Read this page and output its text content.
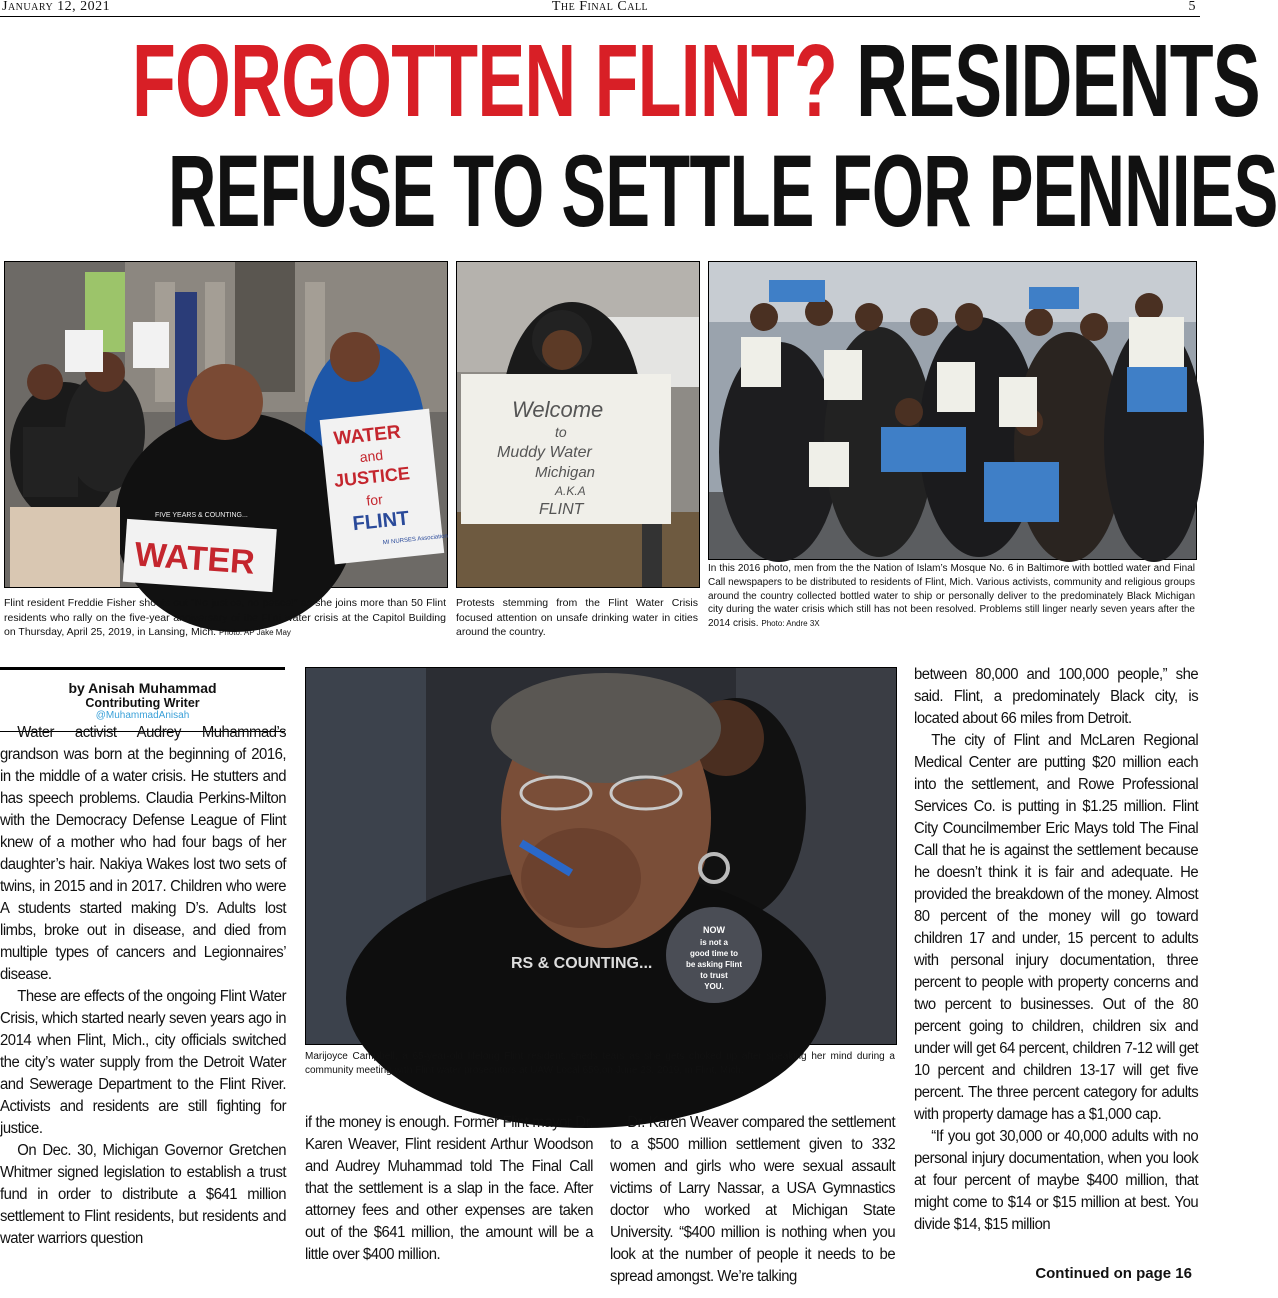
January 12, 2021	The Final Call	5
FORGOTTEN FLINT? RESIDENTS
REFUSE TO SETTLE FOR PENNIES
WATER
and
JUSTICE
for
FLINT
MI NURSES Association
WATER
FIVE YEARS & COUNTING...
Flint resident Freddie Fisher shouts out “No justice, no peace!” as she joins more than 50 Flint residents who rally on the five-year anniversary of the Flint water crisis at the Capitol Building on Thursday, April 25, 2019, in Lansing, Mich. Photo: AP Jake May
Welcome
to
Muddy Water
Michigan
A.K.A
FLINT
Protests stemming from the Flint Water Crisis focused attention on unsafe drinking water in cities around the country.
In this 2016 photo, men from the the Nation of Islam’s Mosque No. 6 in Baltimore with bottled water and Final Call newspapers to be distributed to residents of Flint, Mich. Various activists, community and religious groups around the country collected bottled water to ship or personally deliver to the predominately Black Michigan city during the water crisis which still has not been resolved. Problems still linger nearly seven years after the 2014 crisis. Photo: Andre 3X
by Anisah Muhammad
Contributing Writer
@MuhammadAnisah
NOW
is not a
good time to
be asking Flint
to trust
YOU.
RS & COUNTING...
Marijoyce Campbell, a 65-year-old lifelong Flint resident, sheds tears as she gets choked up after speaking her mind during a community meeting with Flint water prosecutors at UAW Local 659,on June 28, 2019, in Flint, Mich.

Water activist Audrey Muhammad’s grandson was born at the beginning of 2016, in the middle of a water crisis. He stutters and has speech problems. Claudia Perkins-Milton with the Democracy Defense League of Flint knew of a mother who had four bags of her daughter’s hair. Nakiya Wakes lost two sets of twins, in 2015 and in 2017. Children who were A students started making D’s. Adults lost limbs, broke out in disease, and died from multiple types of cancers and Legionnaires’ disease.

These are effects of the ongoing Flint Water Crisis, which started nearly seven years ago in 2014 when Flint, Mich., city officials switched the city’s water supply from the Detroit Water and Sewerage Department to the Flint River. Activists and residents are still fighting for justice.

On Dec. 30, Michigan Governor Gretchen Whitmer signed legislation to establish a trust fund in order to distribute a $641 million settlement to Flint residents, but residents and water warriors question

if the money is enough. Former Flint mayor Dr. Karen Weaver, Flint resident Arthur Woodson and Audrey Muhammad told The Final Call that the settlement is a slap in the face. After attorney fees and other expenses are taken out of the $641 million, the amount will be a little over $400 million.

Dr. Karen Weaver compared the settlement to a $500 million settlement given to 332 women and girls who were sexual assault victims of Larry Nassar, a USA Gymnastics doctor who worked at Michigan State University. “$400 million is nothing when you look at the number of people it needs to be spread amongst. We’re talking

between 80,000 and 100,000 people,” she said. Flint, a predominately Black city, is located about 66 miles from Detroit.

The city of Flint and McLaren Regional Medical Center are putting $20 million each into the settlement, and Rowe Professional Services Co. is putting in $1.25 million. Flint City Councilmember Eric Mays told The Final Call that he is against the settlement because he doesn’t think it is fair and adequate. He provided the breakdown of the money. Almost 80 percent of the money will go toward children 17 and under, 15 percent to adults with personal injury documentation, three percent to people with property concerns and two percent to businesses. Out of the 80 percent going to children, children six and under will get 64 percent, children 7-12 will get 10 percent and children 13-17 will get five percent. The three percent category for adults with property damage has a $1,000 cap.

“If you got 30,000 or 40,000 adults with no personal injury documentation, when you look at four percent of maybe $400 million, that might come to $14 or $15 million at best. You divide $14, $15 million

Continued on page 16
